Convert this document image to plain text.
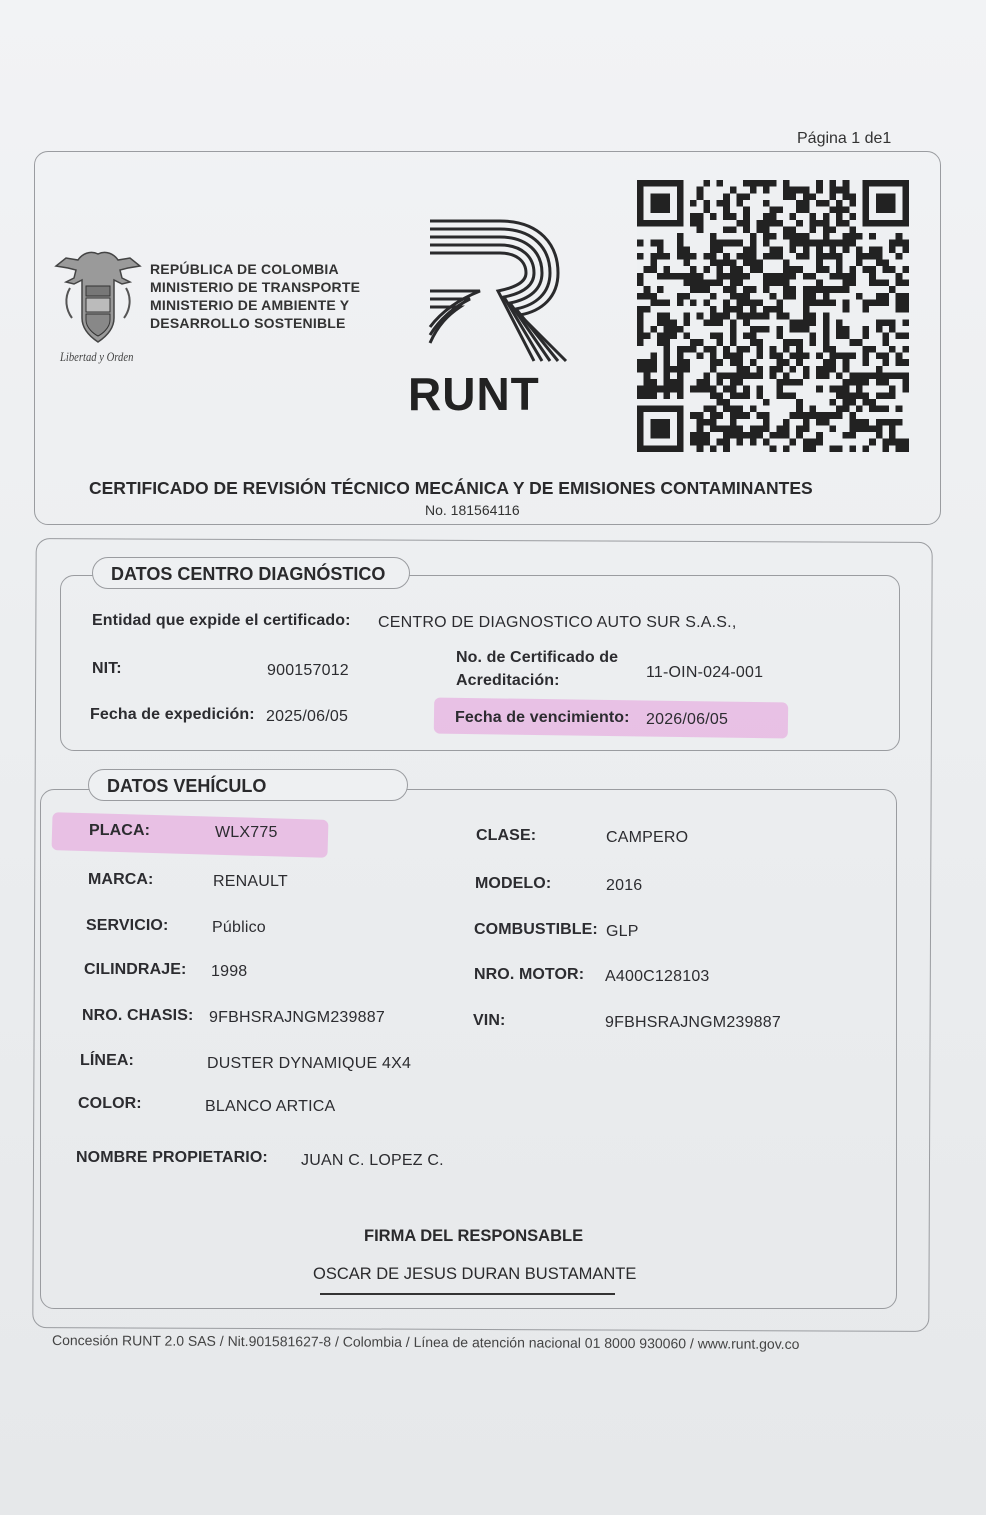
Página 1 de1
REPÚBLICA DE COLOMBIA
MINISTERIO DE TRANSPORTE
MINISTERIO DE AMBIENTE Y
DESARROLLO SOSTENIBLE
Libertad y Orden
RUNT
CERTIFICADO DE REVISIÓN TÉCNICO MECÁNICA Y DE EMISIONES CONTAMINANTES
No. 181564116
DATOS CENTRO DIAGNÓSTICO
Entidad que expide el certificado: CENTRO DE DIAGNOSTICO AUTO SUR S.A.S.,
NIT:	900157012
No. de Certificado de
Acreditación:	11-OIN-024-001
Fecha de expedición: 2025/06/05	Fecha de vencimiento: 2026/06/05
DATOS VEHÍCULO
PLACA:	WLX775	CLASE:	CAMPERO
MARCA:	RENAULT	MODELO:	2016
SERVICIO:	Público	COMBUSTIBLE: GLP
CILINDRAJE: 1998	NRO. MOTOR: A400C128103
NRO. CHASIS: 9FBHSRAJNGM239887	VIN:	9FBHSRAJNGM239887
LÍNEA:	DUSTER DYNAMIQUE 4X4
COLOR:	BLANCO ARTICA
NOMBRE PROPIETARIO: JUAN C. LOPEZ C.
FIRMA DEL RESPONSABLE
OSCAR DE JESUS DURAN BUSTAMANTE
Concesión RUNT 2.0 SAS / Nit.901581627-8 / Colombia / Línea de atención nacional 01 8000 930060 / www.runt.gov.co
